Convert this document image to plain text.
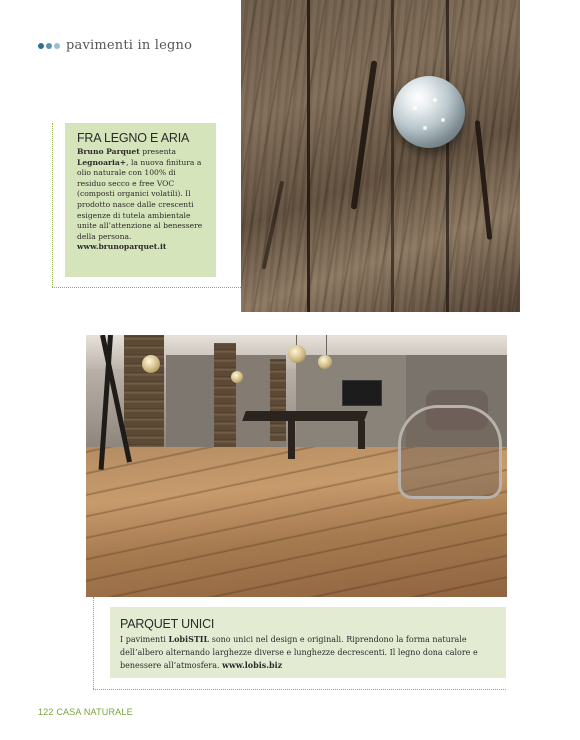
pavimenti in legno

FRA LEGNO E ARIA

Bruno Parquet presenta Legnoaria+, la nuova finitura a olio naturale con 100% di residuo secco e free VOC (composti organici volatili). Il prodotto nasce dalle crescenti esigenze di tutela ambientale unite all’attenzione al benessere della persona. www.brunoparquet.it

PARQUET UNICI

I pavimenti LobiSTIL sono unici nel design e originali. Riprendono la forma naturale dell’albero alternando larghezze diverse e lunghezze decrescenti. Il legno dona calore e benessere all’atmosfera. www.lobis.biz

122 CASA NATURALE
